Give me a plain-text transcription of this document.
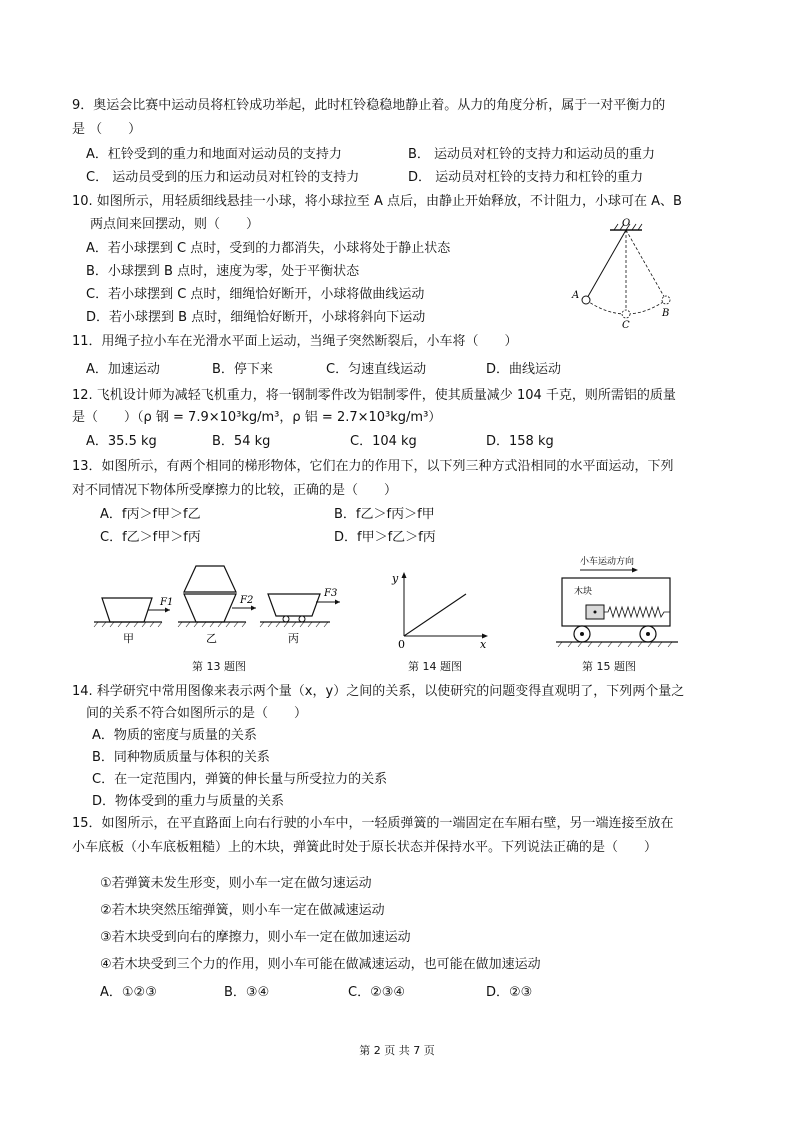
9．奥运会比赛中运动员将杠铃成功举起，此时杠铃稳稳地静止着。从力的角度分析，属于一对平衡力的
是 （　　）
A．杠铃受到的重力和地面对运动员的支持力	B． 运动员对杠铃的支持力和运动员的重力
C． 运动员受到的压力和运动员对杠铃的支持力	D． 运动员对杠铃的支持力和杠铃的重力
10. 如图所示，用轻质细线悬挂一小球，将小球拉至 A 点后，由静止开始释放，不计阻力，小球可在 A、B
两点间来回摆动，则（　　）
A．若小球摆到 C 点时，受到的力都消失，小球将处于静止状态
B．小球摆到 B 点时，速度为零，处于平衡状态
C．若小球摆到 C 点时，细绳恰好断开，小球将做曲线运动
D．若小球摆到 B 点时，细绳恰好断开，小球将斜向下运动
O
A
C
B
11．用绳子拉小车在光滑水平面上运动，当绳子突然断裂后，小车将（　　）
A．加速运动	B．停下来	C．匀速直线运动	D．曲线运动
12. 飞机设计师为减轻飞机重力，将一钢制零件改为铝制零件，使其质量减少 104 千克，则所需铝的质量
是（　　）（ρ 钢 = 7.9×10³kg/m³，ρ 铝 = 2.7×10³kg/m³）
A．35.5 kg	B．54 kg	C．104 kg	D．158 kg
13．如图所示，有两个相同的梯形物体，它们在力的作用下，以下列三种方式沿相同的水平面运动，下列
对不同情况下物体所受摩擦力的比较，正确的是（　　）
A．f丙＞f甲＞f乙	B．f乙＞f丙＞f甲
C．f乙＞f甲＞f丙	D．f甲＞f乙＞f丙
F1
甲
F2
乙
F3
丙
第 13 题图
y
x
0
第 14 题图
小车运动方向
木块
第 15 题图
14. 科学研究中常用图像来表示两个量（x，y）之间的关系，以使研究的问题变得直观明了，下列两个量之
间的关系不符合如图所示的是（　　）
A．物质的密度与质量的关系
B．同种物质质量与体积的关系
C．在一定范围内，弹簧的伸长量与所受拉力的关系
D．物体受到的重力与质量的关系
15．如图所示，在平直路面上向右行驶的小车中，一轻质弹簧的一端固定在车厢右壁，另一端连接至放在
小车底板（小车底板粗糙）上的木块，弹簧此时处于原长状态并保持水平。下列说法正确的是（　　）
①若弹簧未发生形变，则小车一定在做匀速运动
②若木块突然压缩弹簧，则小车一定在做减速运动
③若木块受到向右的摩擦力，则小车一定在做加速运动
④若木块受到三个力的作用，则小车可能在做减速运动，也可能在做加速运动
A．①②③	B．③④	C．②③④	D．②③
第 2 页 共 7 页
